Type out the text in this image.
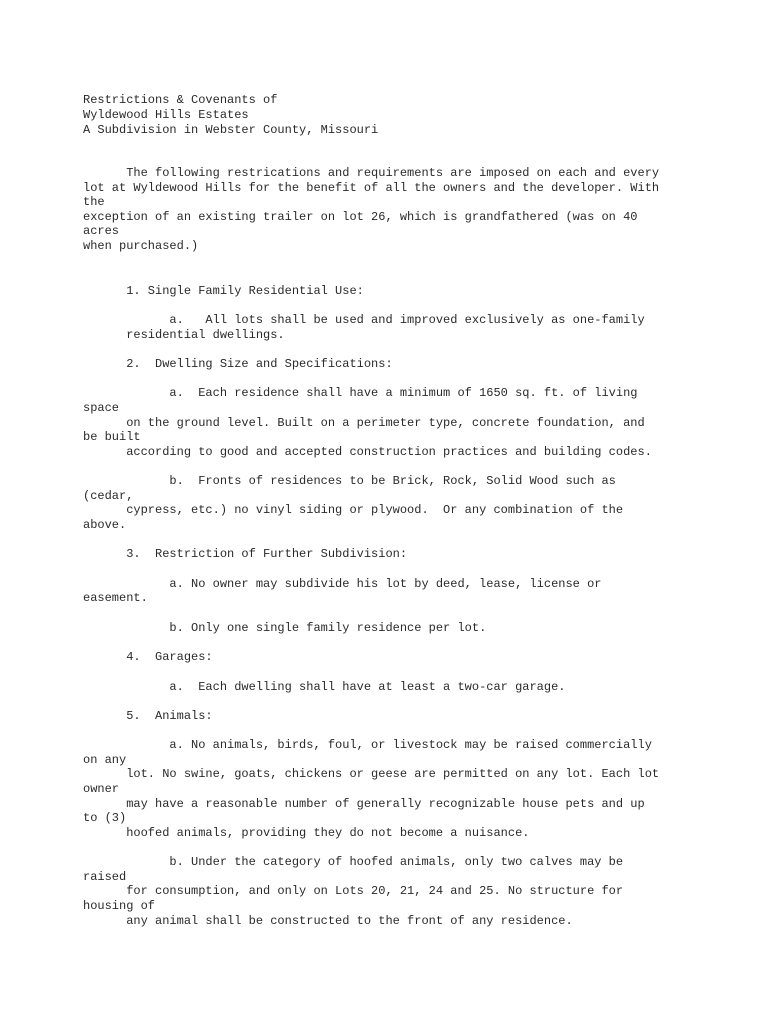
Restrictions & Covenants of

Wyldewood Hills Estates

A Subdivision in Webster County, Missouri

The following restrications and requirements are imposed on each and every

lot at Wyldewood Hills for the benefit of all the owners and the developer. With

the

exception of an existing trailer on lot 26, which is grandfathered (was on 40

acres

when purchased.)

1. Single Family Residential Use:

a.   All lots shall be used and improved exclusively as one-family

residential dwellings.

2.  Dwelling Size and Specifications:

a.  Each residence shall have a minimum of 1650 sq. ft. of living

space

on the ground level. Built on a perimeter type, concrete foundation, and

be built

according to good and accepted construction practices and building codes.

b.  Fronts of residences to be Brick, Rock, Solid Wood such as

(cedar,

cypress, etc.) no vinyl siding or plywood.  Or any combination of the

above.

3.  Restriction of Further Subdivision:

a. No owner may subdivide his lot by deed, lease, license or

easement.

b. Only one single family residence per lot.

4.  Garages:

a.  Each dwelling shall have at least a two-car garage.

5.  Animals:

a. No animals, birds, foul, or livestock may be raised commercially

on any

lot. No swine, goats, chickens or geese are permitted on any lot. Each lot

owner

may have a reasonable number of generally recognizable house pets and up

to (3)

hoofed animals, providing they do not become a nuisance.

b. Under the category of hoofed animals, only two calves may be

raised

for consumption, and only on Lots 20, 21, 24 and 25. No structure for

housing of

any animal shall be constructed to the front of any residence.
